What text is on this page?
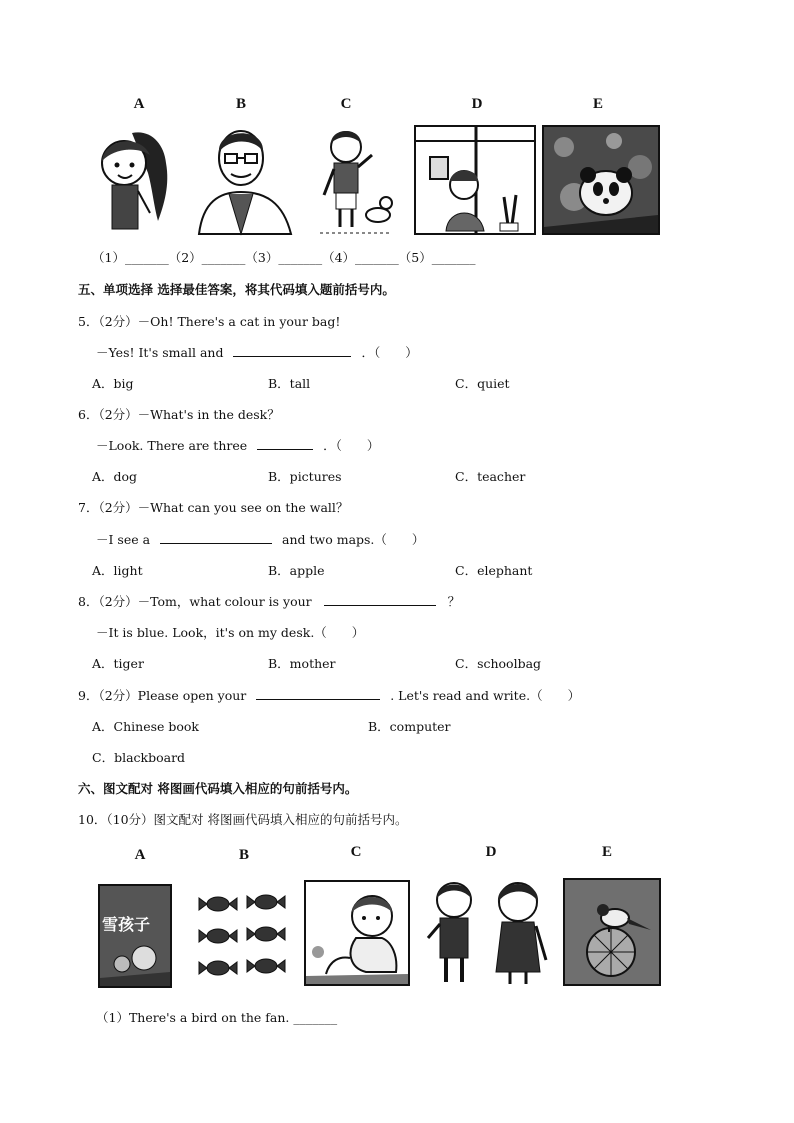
A	B	C	D	E
（1）_______（2）_______（3）_______（4）_______（5）_______
五、单项选择 选择最佳答案，将其代码填入题前括号内。
5．（2分）－Oh! There's a cat in your bag!
－Yes! It's small and	．（　　）
A．big	B．tall	C．quiet
6．（2分）－What's in the desk？
－Look. There are three	．（　　）
A．dog	B．pictures	C．teacher
7．（2分）－What can you see on the wall？
－I see a	and two maps.（　　）
A．light	B．apple	C．elephant
8．（2分）－Tom，what colour is your	？
－It is blue. Look，it's on my desk.（　　）
A．tiger	B．mother	C．schoolbag
9．（2分）Please open your	. Let's read and write.（　　）
A．Chinese book	B．computer
C．blackboard
六、图文配对 将图画代码填入相应的句前括号内。
10．（10分）图文配对 将图画代码填入相应的句前括号内。
A	B	C	D	E
雪孩子
（1）There's a bird on the fan. _______
